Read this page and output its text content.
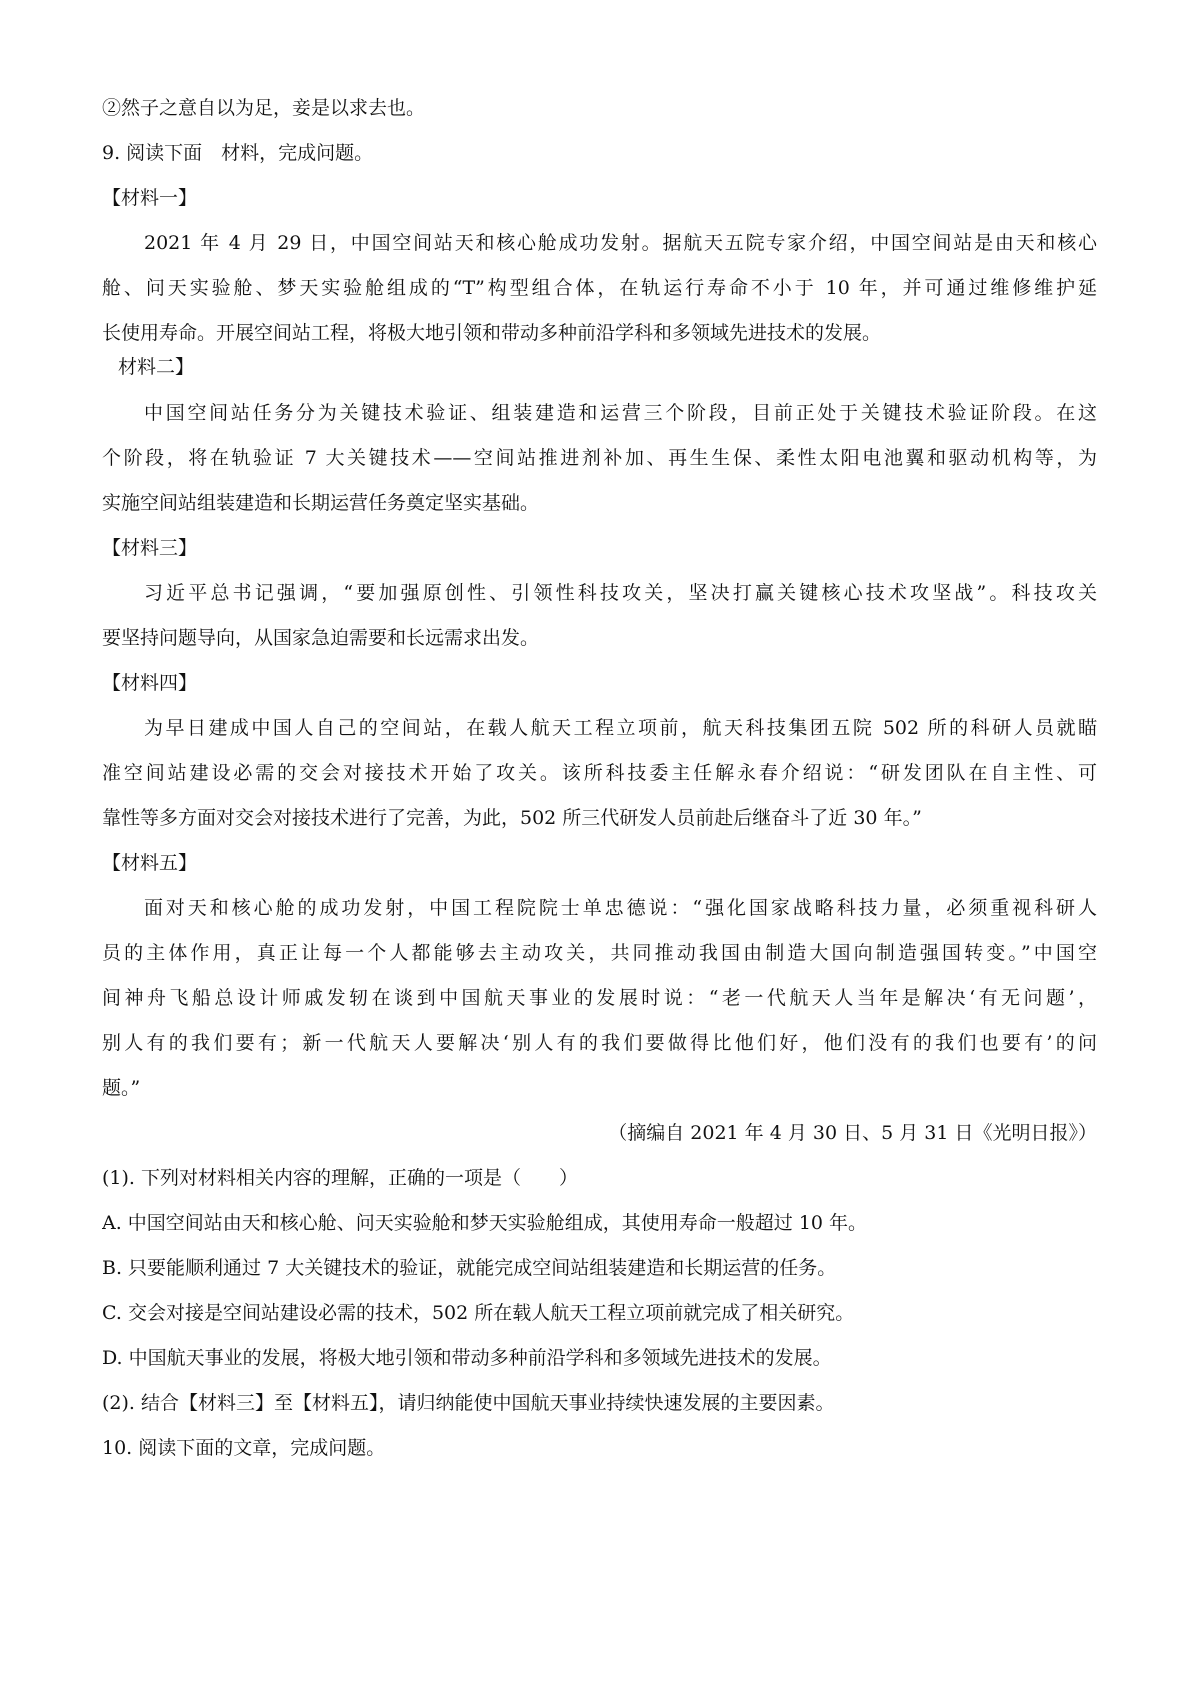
②然子之意自以为足，妾是以求去也。
9. 阅读下面　材料，完成问题。
【材料一】
2021 年 4 月 29 日，中国空间站天和核心舱成功发射。据航天五院专家介绍，中国空间站是由天和核心
舱、问天实验舱、梦天实验舱组成的“T”构型组合体，在轨运行寿命不小于 10 年，并可通过维修维护延
长使用寿命。开展空间站工程，将极大地引领和带动多种前沿学科和多领域先进技术的发展。
材料二】
中国空间站任务分为关键技术验证、组装建造和运营三个阶段，目前正处于关键技术验证阶段。在这
个阶段，将在轨验证 7 大关键技术——空间站推进剂补加、再生生保、柔性太阳电池翼和驱动机构等，为
实施空间站组装建造和长期运营任务奠定坚实基础。
【材料三】
习近平总书记强调，“要加强原创性、引领性科技攻关，坚决打赢关键核心技术攻坚战”。科技攻关
要坚持问题导向，从国家急迫需要和长远需求出发。
【材料四】
为早日建成中国人自己的空间站，在载人航天工程立项前，航天科技集团五院 502 所的科研人员就瞄
准空间站建设必需的交会对接技术开始了攻关。该所科技委主任解永春介绍说：“研发团队在自主性、可
靠性等多方面对交会对接技术进行了完善，为此，502 所三代研发人员前赴后继奋斗了近 30 年。”
【材料五】
面对天和核心舱的成功发射，中国工程院院士单忠德说：“强化国家战略科技力量，必须重视科研人
员的主体作用，真正让每一个人都能够去主动攻关，共同推动我国由制造大国向制造强国转变。”中国空
间神舟飞船总设计师戚发轫在谈到中国航天事业的发展时说：“老一代航天人当年是解决‘有无问题’，
别人有的我们要有；新一代航天人要解决‘别人有的我们要做得比他们好，他们没有的我们也要有’的问
题。”
（摘编自 2021 年 4 月 30 日、5 月 31 日《光明日报》）
(1). 下列对材料相关内容的理解，正确的一项是（　　）
A. 中国空间站由天和核心舱、问天实验舱和梦天实验舱组成，其使用寿命一般超过 10 年。
B. 只要能顺利通过 7 大关键技术的验证，就能完成空间站组装建造和长期运营的任务。
C. 交会对接是空间站建设必需的技术，502 所在载人航天工程立项前就完成了相关研究。
D. 中国航天事业的发展，将极大地引领和带动多种前沿学科和多领域先进技术的发展。
(2). 结合【材料三】至【材料五】，请归纳能使中国航天事业持续快速发展的主要因素。
10. 阅读下面的文章，完成问题。
